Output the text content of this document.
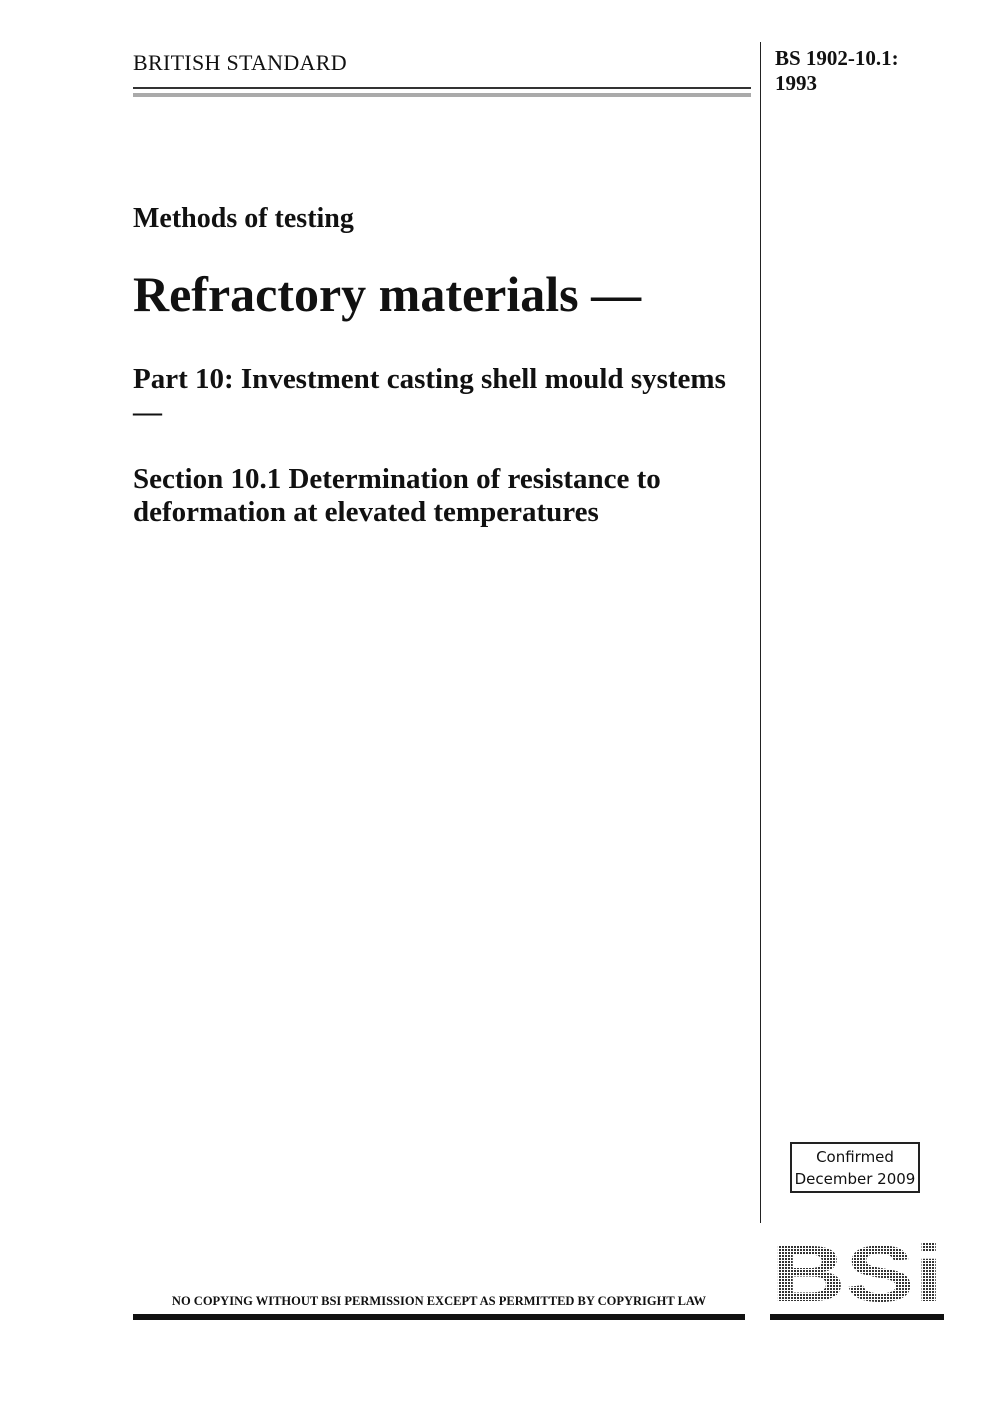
BRITISH STANDARD	BS 1902-10.1:
1993
Methods of testing
Refractory materials —
Part 10: Investment casting shell mould systems —
Section 10.1 Determination of resistance to deformation at elevated temperatures
Confirmed
December 2009
NO COPYING WITHOUT BSI PERMISSION EXCEPT AS PERMITTED BY COPYRIGHT LAW BSi
